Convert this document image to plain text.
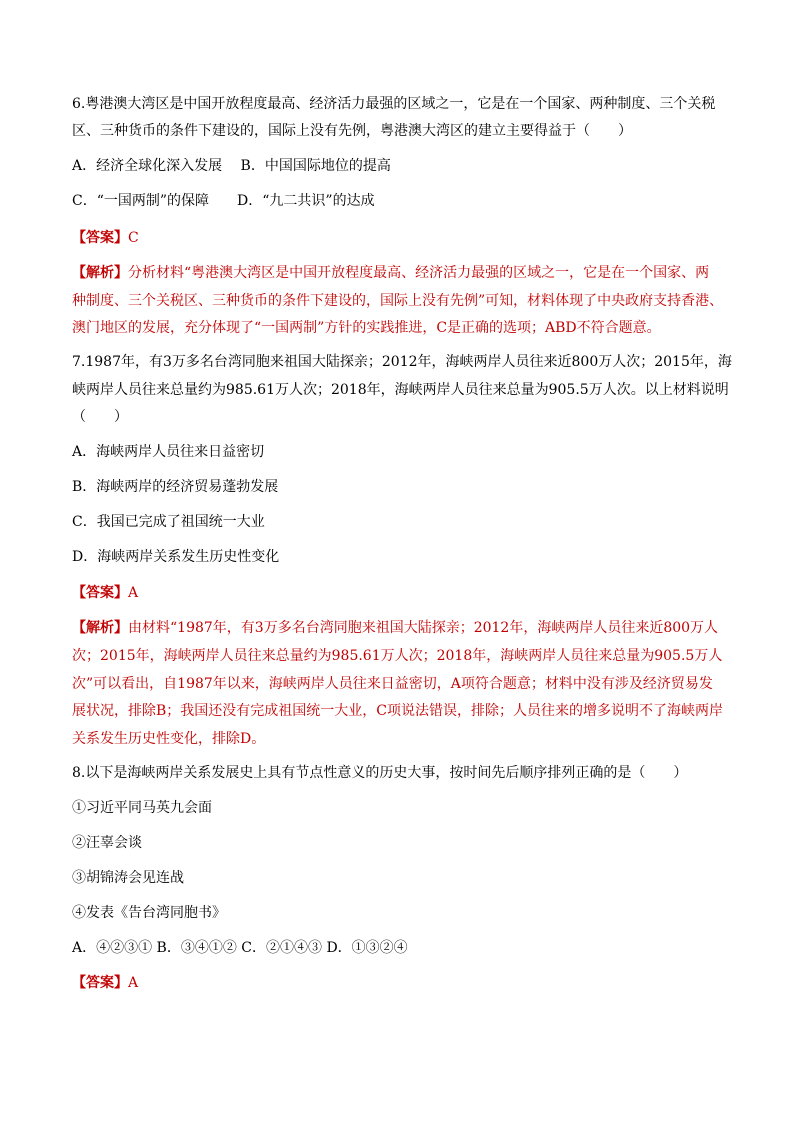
6.粤港澳大湾区是中国开放程度最高、经济活力最强的区域之一，它是在一个国家、两种制度、三个关税

区、三种货币的条件下建设的，国际上没有先例，粤港澳大湾区的建立主要得益于（　　）

A．经济全球化深入发展　 B．中国国际地位的提高

C．“一国两制”的保障　　D．“九二共识”的达成

【答案】C

【解析】分析材料“粤港澳大湾区是中国开放程度最高、经济活力最强的区域之一，它是在一个国家、两

种制度、三个关税区、三种货币的条件下建设的，国际上没有先例”可知，材料体现了中央政府支持香港、

澳门地区的发展，充分体现了“一国两制”方针的实践推进，C是正确的选项；ABD不符合题意。

7.1987年，有3万多名台湾同胞来祖国大陆探亲；2012年，海峡两岸人员往来近800万人次；2015年，海

峡两岸人员往来总量约为985.61万人次；2018年，海峡两岸人员往来总量为905.5万人次。以上材料说明

（　　）

A．海峡两岸人员往来日益密切

B．海峡两岸的经济贸易蓬勃发展

C．我国已完成了祖国统一大业

D．海峡两岸关系发生历史性变化

【答案】A

【解析】由材料“1987年，有3万多名台湾同胞来祖国大陆探亲；2012年，海峡两岸人员往来近800万人

次；2015年，海峡两岸人员往来总量约为985.61万人次；2018年，海峡两岸人员往来总量为905.5万人

次”可以看出，自1987年以来，海峡两岸人员往来日益密切，A项符合题意；材料中没有涉及经济贸易发

展状况，排除B；我国还没有完成祖国统一大业，C项说法错误，排除；人员往来的增多说明不了海峡两岸

关系发生历史性变化，排除D。

8.以下是海峡两岸关系发展史上具有节点性意义的历史大事，按时间先后顺序排列正确的是（　　）

①习近平同马英九会面

②汪辜会谈

③胡锦涛会见连战

④发表《告台湾同胞书》

A．④②③① B．③④①② C．②①④③ D．①③②④

【答案】A
